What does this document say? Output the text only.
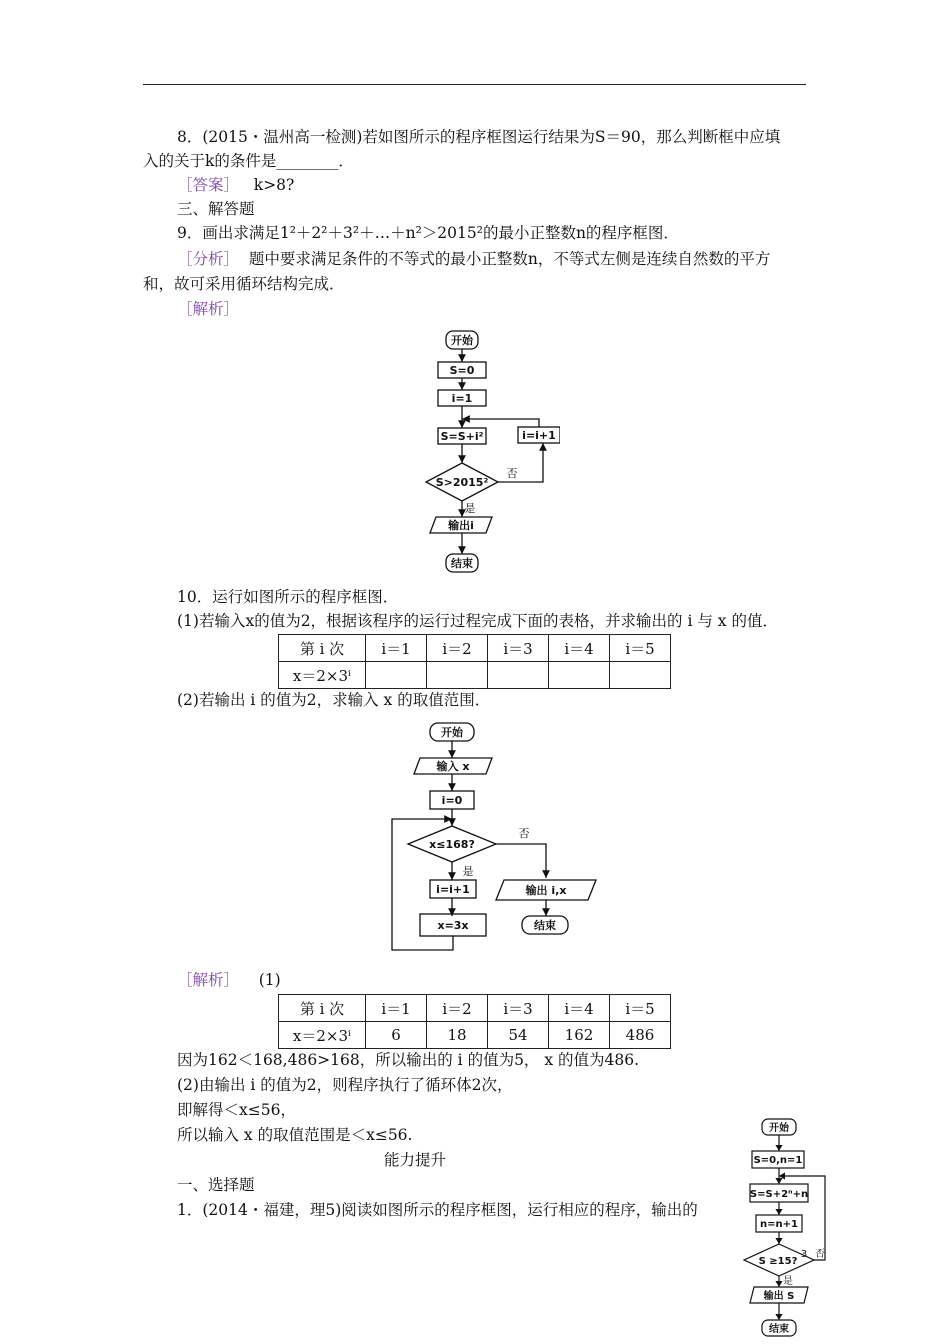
8．(2015・温州高一检测)若如图所示的程序框图运行结果为S＝90，那么判断框中应填
入的关于k的条件是________．
［答案］ k>8?
三、解答题
9．画出求满足1²＋2²＋3²＋…＋n²＞2015²的最小正整数n的程序框图．
［分析］ 题中要求满足条件的不等式的最小正整数n，不等式左侧是连续自然数的平方
和，故可采用循环结构完成．
［解析］
开始
S=0
i=1
S=S+i²	i=i+1
S>2015²
否
是
输出i
结束
10．运行如图所示的程序框图．
(1)若输入x的值为2，根据该程序的运行过程完成下面的表格，并求输出的 i 与 x 的值．
第 i 次	i＝1	i＝2	i＝3	i＝4	i＝5
x＝2×3ⁱ					
(2)若输出 i 的值为2，求输入 x 的取值范围．
开始
输入 x
i=0
x≤168?
否
是
i=i+1
x=3x
输出 i,x
结束
［解析］ (1)
第 i 次	i＝1	i＝2	i＝3	i＝4	i＝5
x＝2×3ⁱ	6	18	54	162	486
因为162＜168,486>168，所以输出的 i 的值为5， x 的值为486.
(2)由输出 i 的值为2，则程序执行了循环体2次，
即解得＜x≤56，
所以输入 x 的取值范围是＜x≤56.
能力提升
一、选择题
1．(2014・福建，理5)阅读如图所示的程序框图，运行相应的程序，输出的
开始
S=0,n=1
S=S+2ⁿ+n
n=n+1
S ≥15?
3 否
是
输出 S
结束
